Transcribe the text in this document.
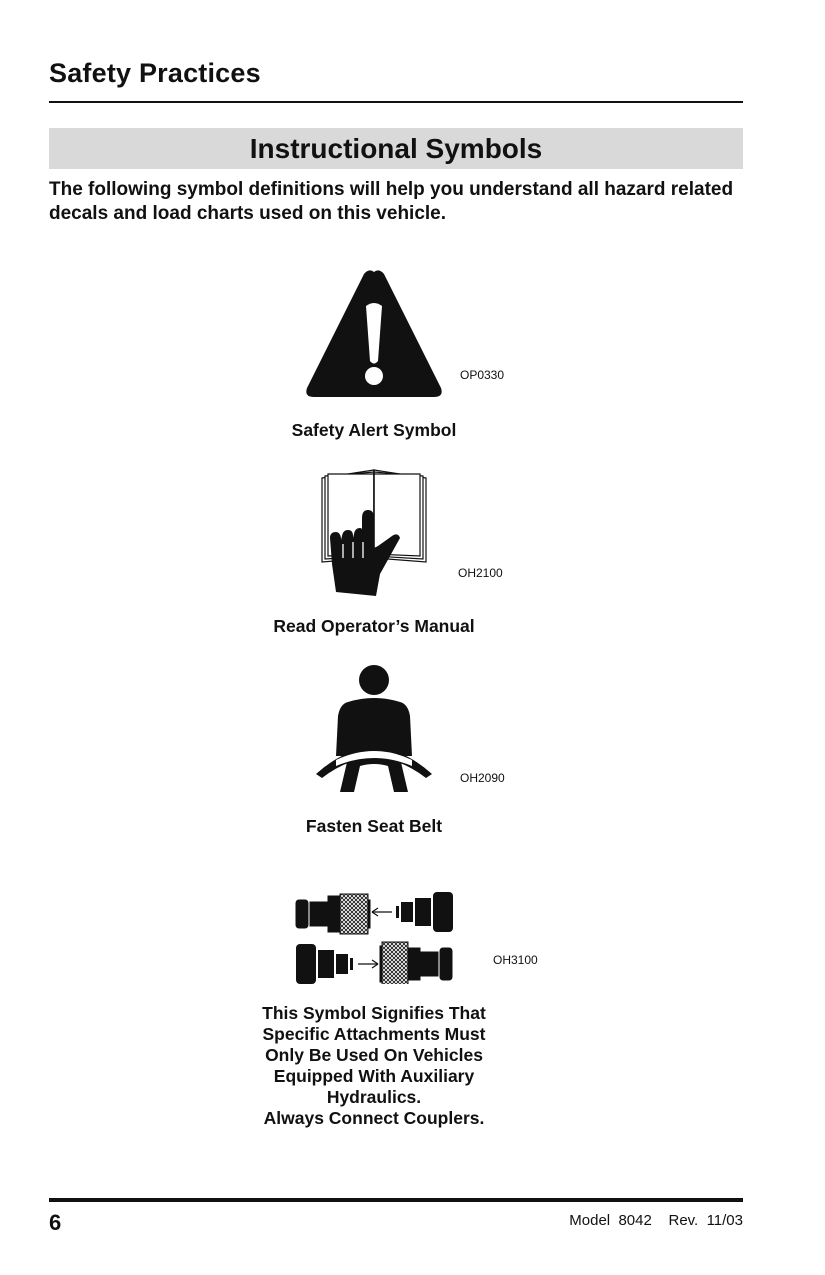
Safety Practices
Instructional Symbols
The following symbol definitions will help you understand all hazard related decals and load charts used on this vehicle.
OP0330
Safety Alert Symbol
OH2100
Read Operator’s Manual
OH2090
Fasten Seat Belt
OH3100
This Symbol Signifies That
Specific Attachments Must
Only Be Used On Vehicles
Equipped With Auxiliary
Hydraulics.
Always Connect Couplers.
6	Model  8042 Rev.  11/03
